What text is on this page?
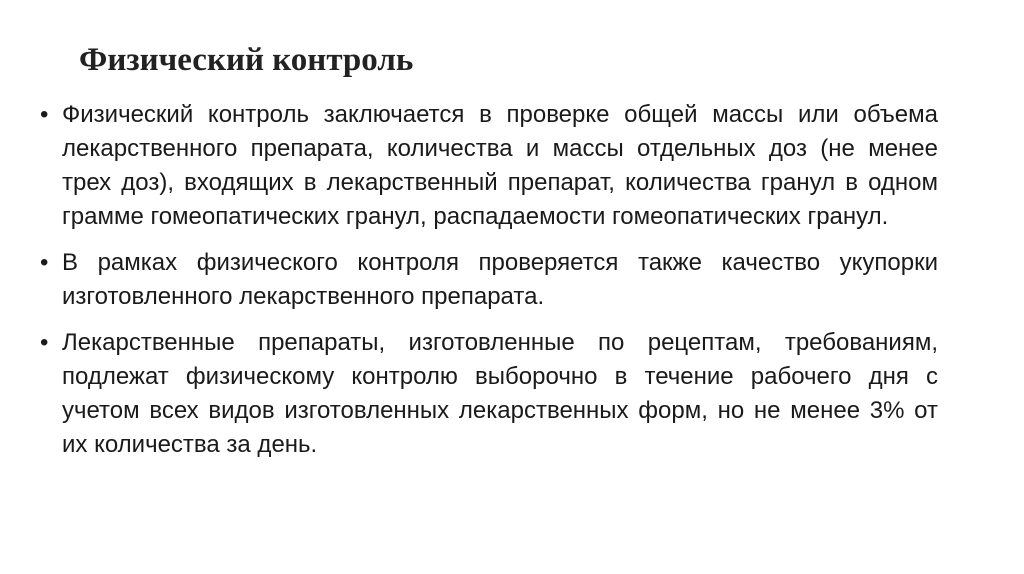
Физический контроль
• Физический контроль заключается в проверке общей массы или объема лекарственного препарата, количества и массы отдельных доз (не менее трех доз), входящих в лекарственный препарат, количества гранул в одном грамме гомеопатических гранул, распадаемости гомеопатических гранул.
• В рамках физического контроля проверяется также качество укупорки изготовленного лекарственного препарата.
• Лекарственные препараты, изготовленные по рецептам, требованиям, подлежат физическому контролю выборочно в течение рабочего дня с учетом всех видов изготовленных лекарственных форм, но не менее 3% от их количества за день.
